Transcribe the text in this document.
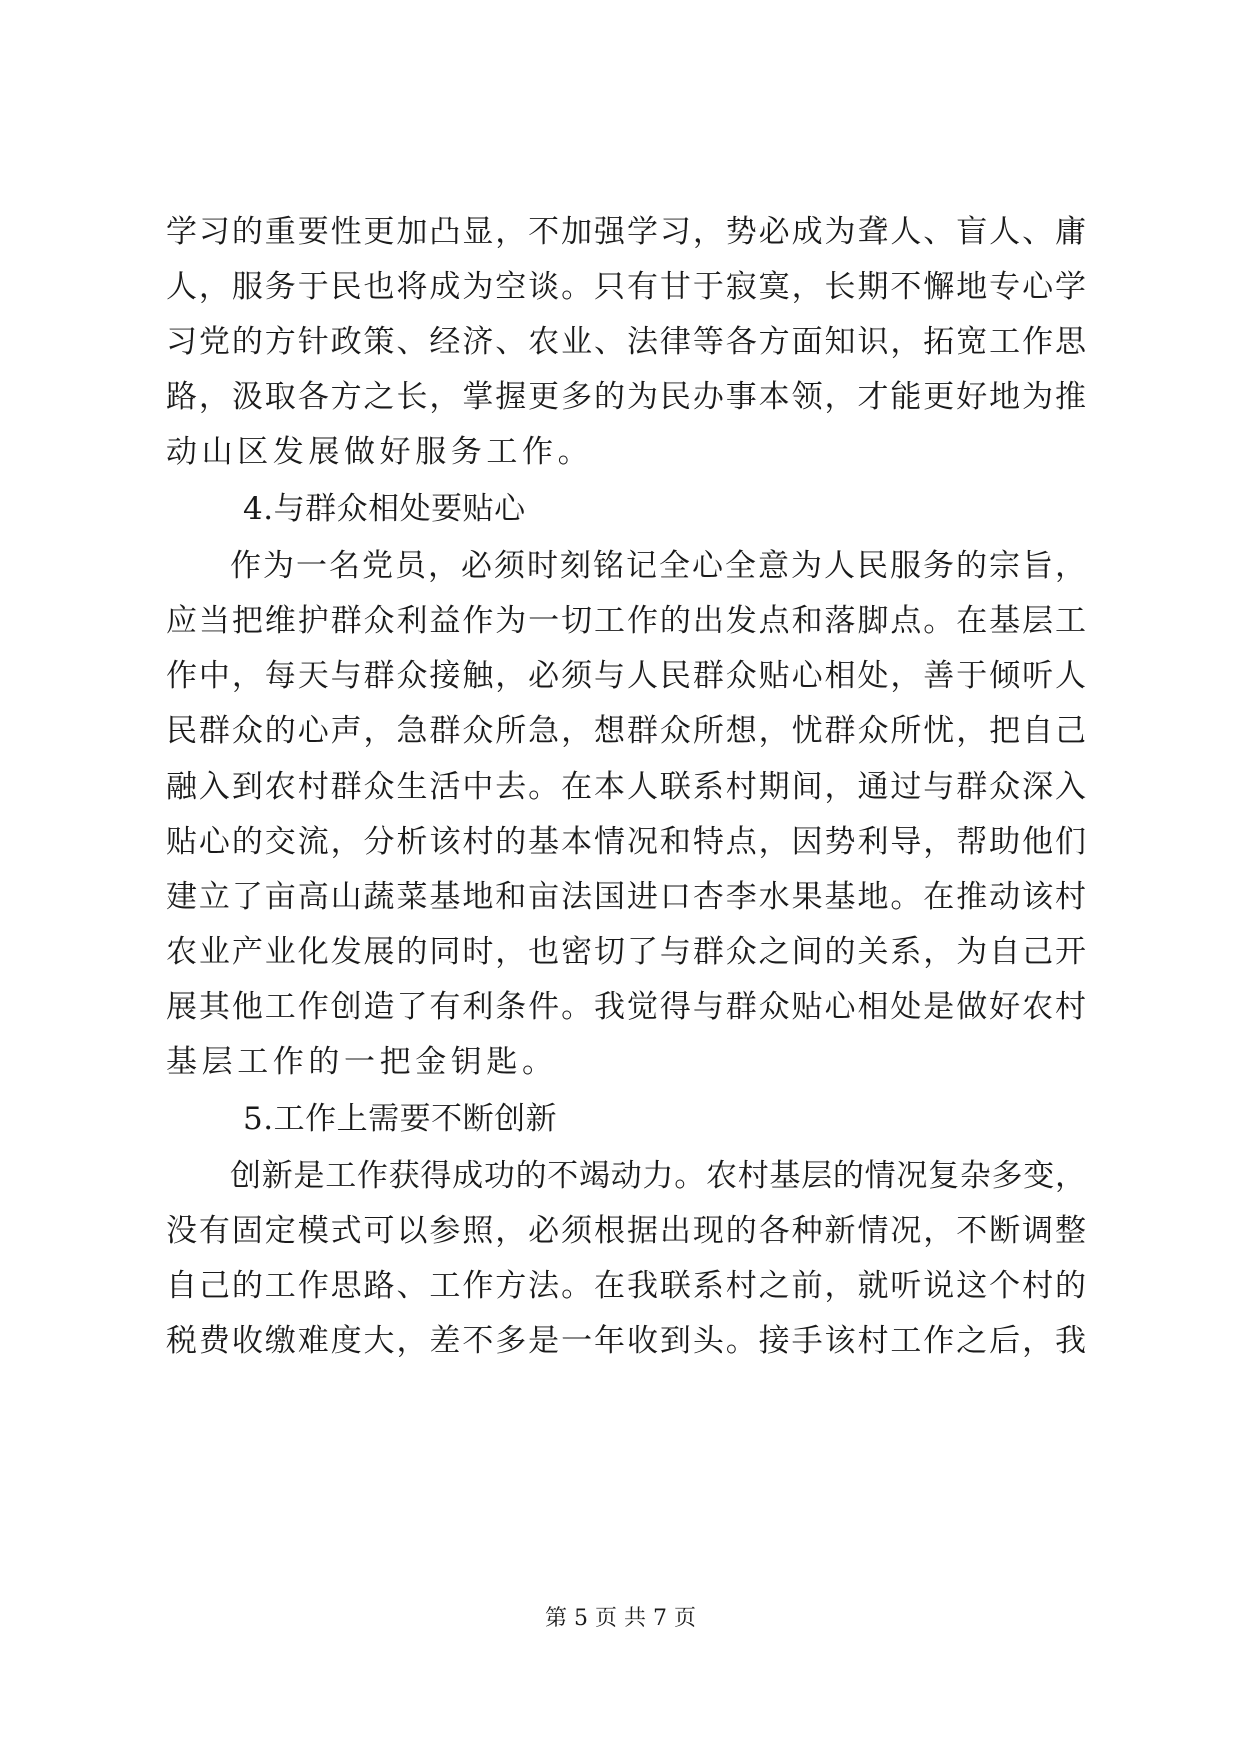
学习的重要性更加凸显，不加强学习，势必成为聋人、盲人、庸
人，服务于民也将成为空谈。只有甘于寂寞，长期不懈地专心学
习党的方针政策、经济、农业、法律等各方面知识，拓宽工作思
路，汲取各方之长，掌握更多的为民办事本领，才能更好地为推
动山区发展做好服务工作。
4.与群众相处要贴心
作为一名党员，必须时刻铭记全心全意为人民服务的宗旨，
应当把维护群众利益作为一切工作的出发点和落脚点。在基层工
作中，每天与群众接触，必须与人民群众贴心相处，善于倾听人
民群众的心声，急群众所急，想群众所想，忧群众所忧，把自己
融入到农村群众生活中去。在本人联系村期间，通过与群众深入
贴心的交流，分析该村的基本情况和特点，因势利导，帮助他们
建立了亩高山蔬菜基地和亩法国进口杏李水果基地。在推动该村
农业产业化发展的同时，也密切了与群众之间的关系，为自己开
展其他工作创造了有利条件。我觉得与群众贴心相处是做好农村
基层工作的一把金钥匙。
5.工作上需要不断创新
创新是工作获得成功的不竭动力。农村基层的情况复杂多变，
没有固定模式可以参照，必须根据出现的各种新情况，不断调整
自己的工作思路、工作方法。在我联系村之前，就听说这个村的
税费收缴难度大，差不多是一年收到头。接手该村工作之后，我
第 5 页 共 7 页
